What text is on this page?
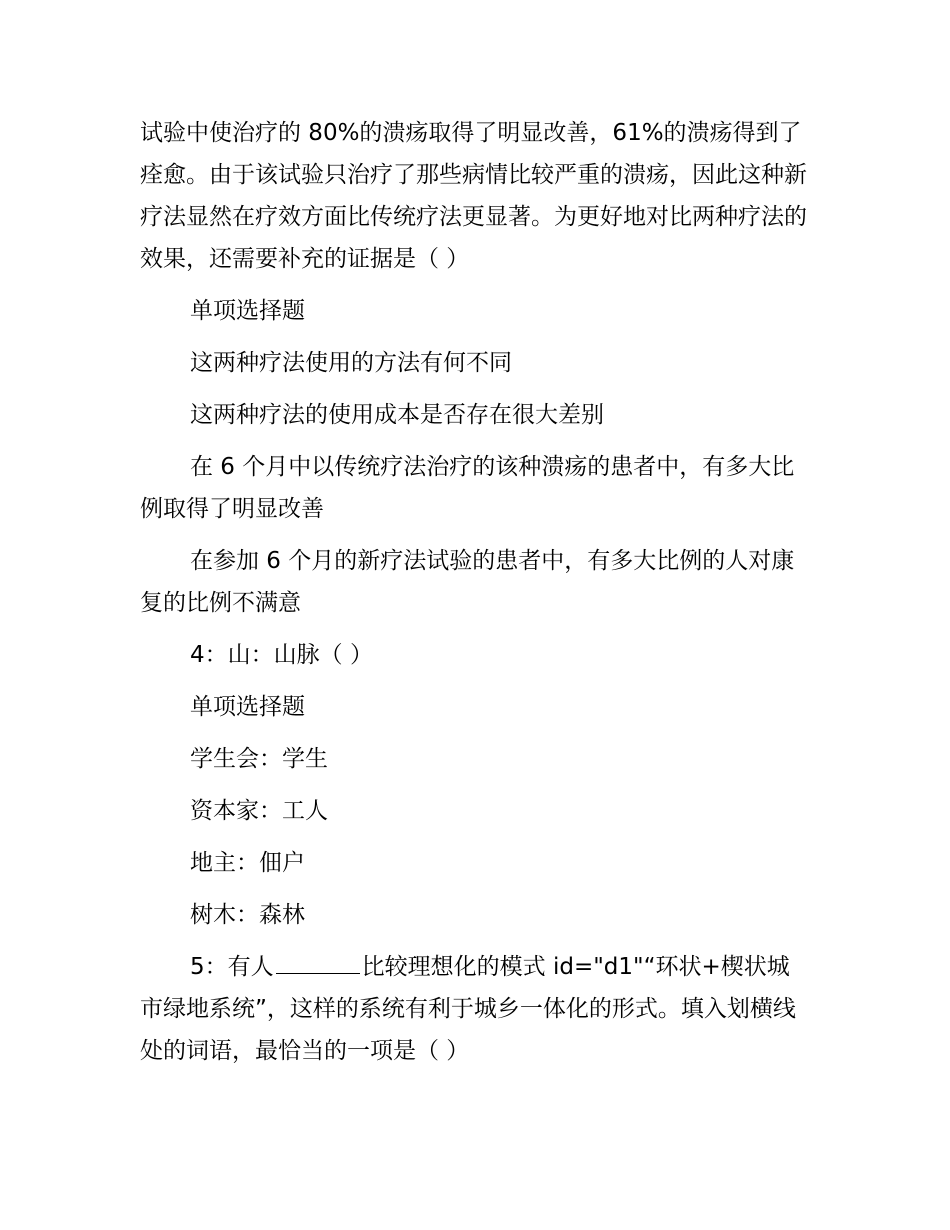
试验中使治疗的 80%的溃疡取得了明显改善，61%的溃疡得到了痊愈。由于该试验只治疗了那些病情比较严重的溃疡，因此这种新疗法显然在疗效方面比传统疗法更显著。为更好地对比两种疗法的效果，还需要补充的证据是（ ）

单项选择题

这两种疗法使用的方法有何不同

这两种疗法的使用成本是否存在很大差别

在 6 个月中以传统疗法治疗的该种溃疡的患者中，有多大比例取得了明显改善

在参加 6 个月的新疗法试验的患者中，有多大比例的人对康复的比例不满意

4：山：山脉（ ）

单项选择题

学生会：学生

资本家：工人

地主：佃户

树木：森林

5：有人	比较理想化的模式 id="d1"“环状+楔状城市绿地系统”，这样的系统有利于城乡一体化的形式。填入划横线处的词语，最恰当的一项是（ ）
